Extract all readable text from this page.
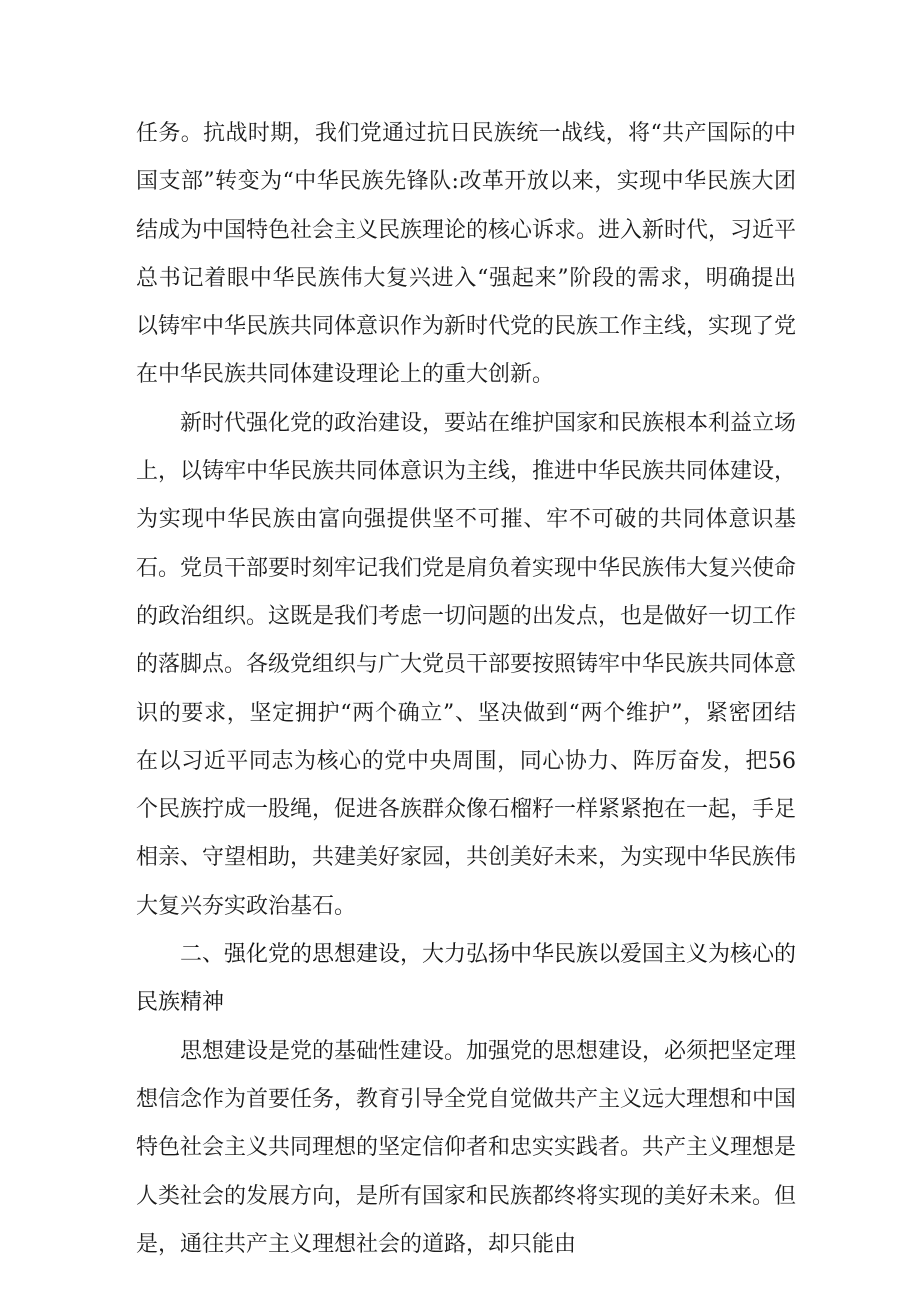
任务。抗战时期，我们党通过抗日民族统一战线，将“共产国际的中国支部”转变为“中华民族先锋队:改革开放以来，实现中华民族大团结成为中国特色社会主义民族理论的核心诉求。进入新时代，习近平总书记着眼中华民族伟大复兴进入“强起来”阶段的需求，明确提出以铸牢中华民族共同体意识作为新时代党的民族工作主线，实现了党在中华民族共同体建设理论上的重大创新。

新时代强化党的政治建设，要站在维护国家和民族根本利益立场上，以铸牢中华民族共同体意识为主线，推进中华民族共同体建设，为实现中华民族由富向强提供坚不可摧、牢不可破的共同体意识基石。党员干部要时刻牢记我们党是肩负着实现中华民族伟大复兴使命的政治组织。这既是我们考虑一切问题的出发点，也是做好一切工作的落脚点。各级党组织与广大党员干部要按照铸牢中华民族共同体意识的要求，坚定拥护“两个确立”、坚决做到“两个维护”，紧密团结在以习近平同志为核心的党中央周围，同心协力、阵厉奋发，把56个民族拧成一股绳，促进各族群众像石榴籽一样紧紧抱在一起，手足相亲、守望相助，共建美好家园，共创美好未来，为实现中华民族伟大复兴夯实政治基石。

二、强化党的思想建设，大力弘扬中华民族以爱国主义为核心的民族精神

思想建设是党的基础性建设。加强党的思想建设，必须把坚定理想信念作为首要任务，教育引导全党自觉做共产主义远大理想和中国特色社会主义共同理想的坚定信仰者和忠实实践者。共产主义理想是人类社会的发展方向，是所有国家和民族都终将实现的美好未来。但是，通往共产主义理想社会的道路，却只能由
